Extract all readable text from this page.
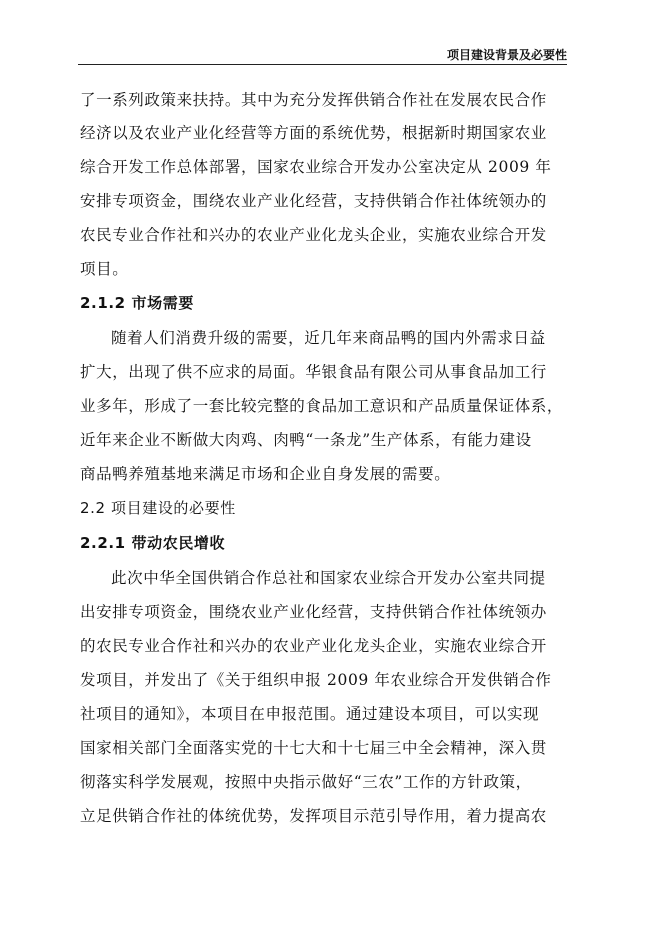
项目建设背景及必要性
了一系列政策来扶持。其中为充分发挥供销合作社在发展农民合作
经济以及农业产业化经营等方面的系统优势，根据新时期国家农业
综合开发工作总体部署，国家农业综合开发办公室决定从 2009 年
安排专项资金，围绕农业产业化经营，支持供销合作社体统领办的
农民专业合作社和兴办的农业产业化龙头企业，实施农业综合开发
项目。
2.1.2 市场需要
随着人们消费升级的需要，近几年来商品鸭的国内外需求日益
扩大，出现了供不应求的局面。华银食品有限公司从事食品加工行
业多年，形成了一套比较完整的食品加工意识和产品质量保证体系，
近年来企业不断做大肉鸡、肉鸭“一条龙”生产体系，有能力建设
商品鸭养殖基地来满足市场和企业自身发展的需要。
2.2 项目建设的必要性
2.2.1 带动农民增收
此次中华全国供销合作总社和国家农业综合开发办公室共同提
出安排专项资金，围绕农业产业化经营，支持供销合作社体统领办
的农民专业合作社和兴办的农业产业化龙头企业，实施农业综合开
发项目，并发出了《关于组织申报 2009 年农业综合开发供销合作
社项目的通知》，本项目在申报范围。通过建设本项目，可以实现
国家相关部门全面落实党的十七大和十七届三中全会精神，深入贯
彻落实科学发展观，按照中央指示做好“三农”工作的方针政策，
立足供销合作社的体统优势，发挥项目示范引导作用，着力提高农
